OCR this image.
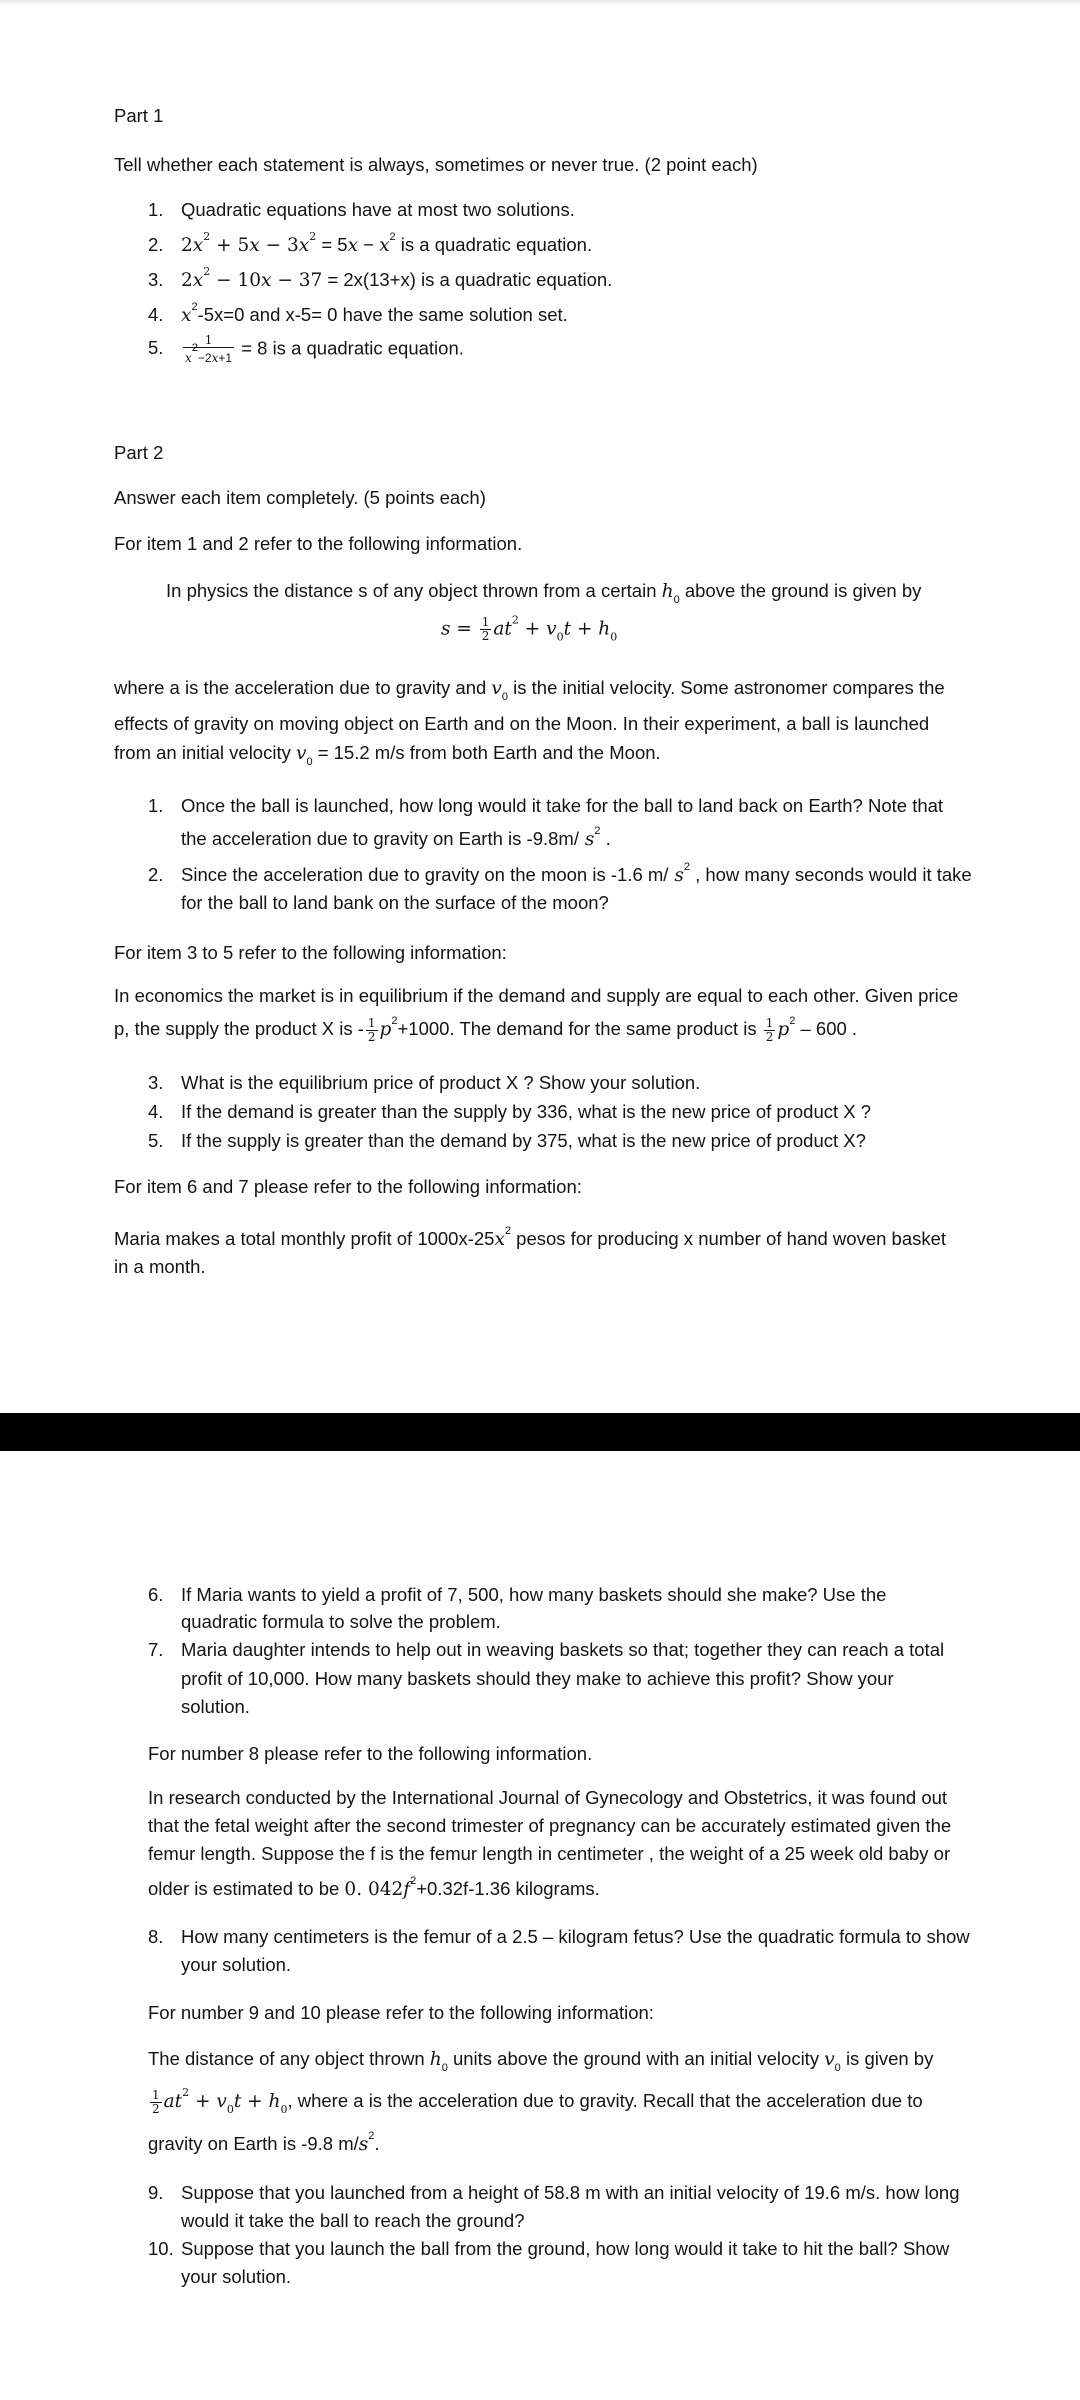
Part 1
Tell whether each statement is always, sometimes or never true. (2 point each)
1. Quadratic equations have at most two solutions.
2. $2x^2 + 5x - 3x^2 = 5x - x^2$ is a quadratic equation.
3. $2x^2 - 10x - 37 = 2x(13+x)$ is a quadratic equation.
4. $x^2-5x=0$ and x-5= 0 have the same solution set.
5. $\frac{1}{x^2-2x+1} = 8$ is a quadratic equation.
Part 2
Answer each item completely. (5 points each)
For item 1 and 2 refer to the following information.
In physics the distance s of any object thrown from a certain $h_0$ above the ground is given by
$s = \frac{1}{2} at^2 + v_0t + h_0$
where a is the acceleration due to gravity and $v_0$ is the initial velocity. Some astronomer compares the
effects of gravity on moving object on Earth and on the Moon. In their experiment, a ball is launched
from an initial velocity $v_0 = 15.2$ m/s from both Earth and the Moon.
1. Once the ball is launched, how long would it take for the ball to land back on Earth? Note that
the acceleration due to gravity on Earth is -9.8m/ $s^2$ .
2. Since the acceleration due to gravity on the moon is -1.6 m/ $s^2$ , how many seconds would it take
for the ball to land bank on the surface of the moon?
For item 3 to 5 refer to the following information:
In economics the market is in equilibrium if the demand and supply are equal to each other. Given price
p, the supply the product X is - $\frac{1}{2} p^2+1000$. The demand for the same product is $\frac{1}{2} p^2 - 600$ .
3. What is the equilibrium price of product X ? Show your solution.
4. If the demand is greater than the supply by 336, what is the new price of product X ?
5. If the supply is greater than the demand by 375, what is the new price of product X?
For item 6 and 7 please refer to the following information:
Maria makes a total monthly profit of $1000x-25x^2$ pesos for producing x number of hand woven basket
in a month.
6. If Maria wants to yield a profit of 7, 500, how many baskets should she make? Use the
quadratic formula to solve the problem.
7. Maria daughter intends to help out in weaving baskets so that; together they can reach a total
profit of 10,000. How many baskets should they make to achieve this profit? Show your
solution.
For number 8 please refer to the following information.
In research conducted by the International Journal of Gynecology and Obstetrics, it was found out
that the fetal weight after the second trimester of pregnancy can be accurately estimated given the
femur length. Suppose the f is the femur length in centimeter , the weight of a 25 week old baby or
older is estimated to be 0. $042f^2+0.32f-1.36$ kilograms.
8. How many centimeters is the femur of a 2.5 – kilogram fetus? Use the quadratic formula to show
your solution.
For number 9 and 10 please refer to the following information:
The distance of any object thrown $h_0$ units above the ground with an initial velocity $v_0$ is given by
$\frac{1}{2} at^2 + v_0t + h_0$, where a is the acceleration due to gravity. Recall that the acceleration due to
gravity on Earth is -9.8 $m/s^2$.
9. Suppose that you launched from a height of 58.8 m with an initial velocity of 19.6 m/s. how long
would it take the ball to reach the ground?
10. Suppose that you launch the ball from the ground, how long would it take to hit the ball? Show
your solution.
